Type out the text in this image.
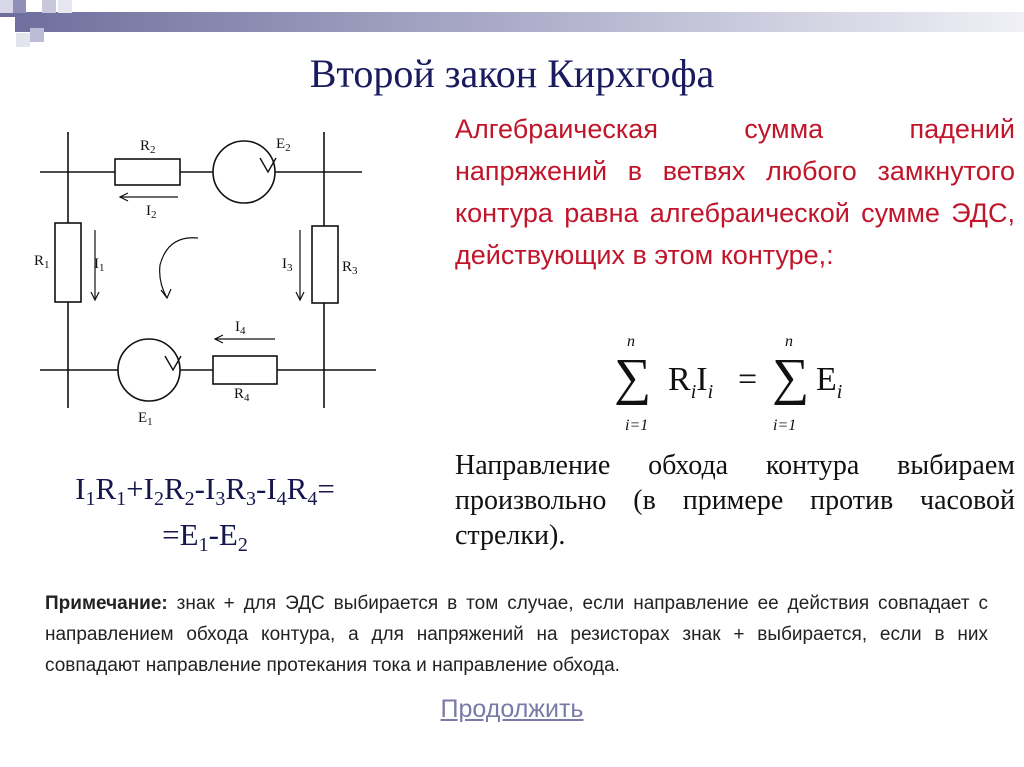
Второй закон Кирхгофа
$R_2$	$E_2$
$I_2$
$R_1$	$I_1$	$I_3$	$R_3$
$I_4$
$R_4$
$E_1$
Алгебраическая сумма падений напряжений в ветвях любого замкнутого контура равна алгебраической сумме ЭДС, действующих в этом контуре,:
n
∑
i=1
$R_iI_i$ =
n
∑
i=1
$E_i$
$I_1R_1+I_2R_2-I_3R_3-I_4R_4=$
$=E_1-E_2$
Направление обхода контура выбираем произвольно (в примере против часовой стрелки).
Примечание: знак + для ЭДС выбирается в том случае, если направление ее действия совпадает с направлением обхода контура, а для напряжений на резисторах знак + выбирается, если в них совпадают направление протекания тока и направление обхода.
Продолжить
